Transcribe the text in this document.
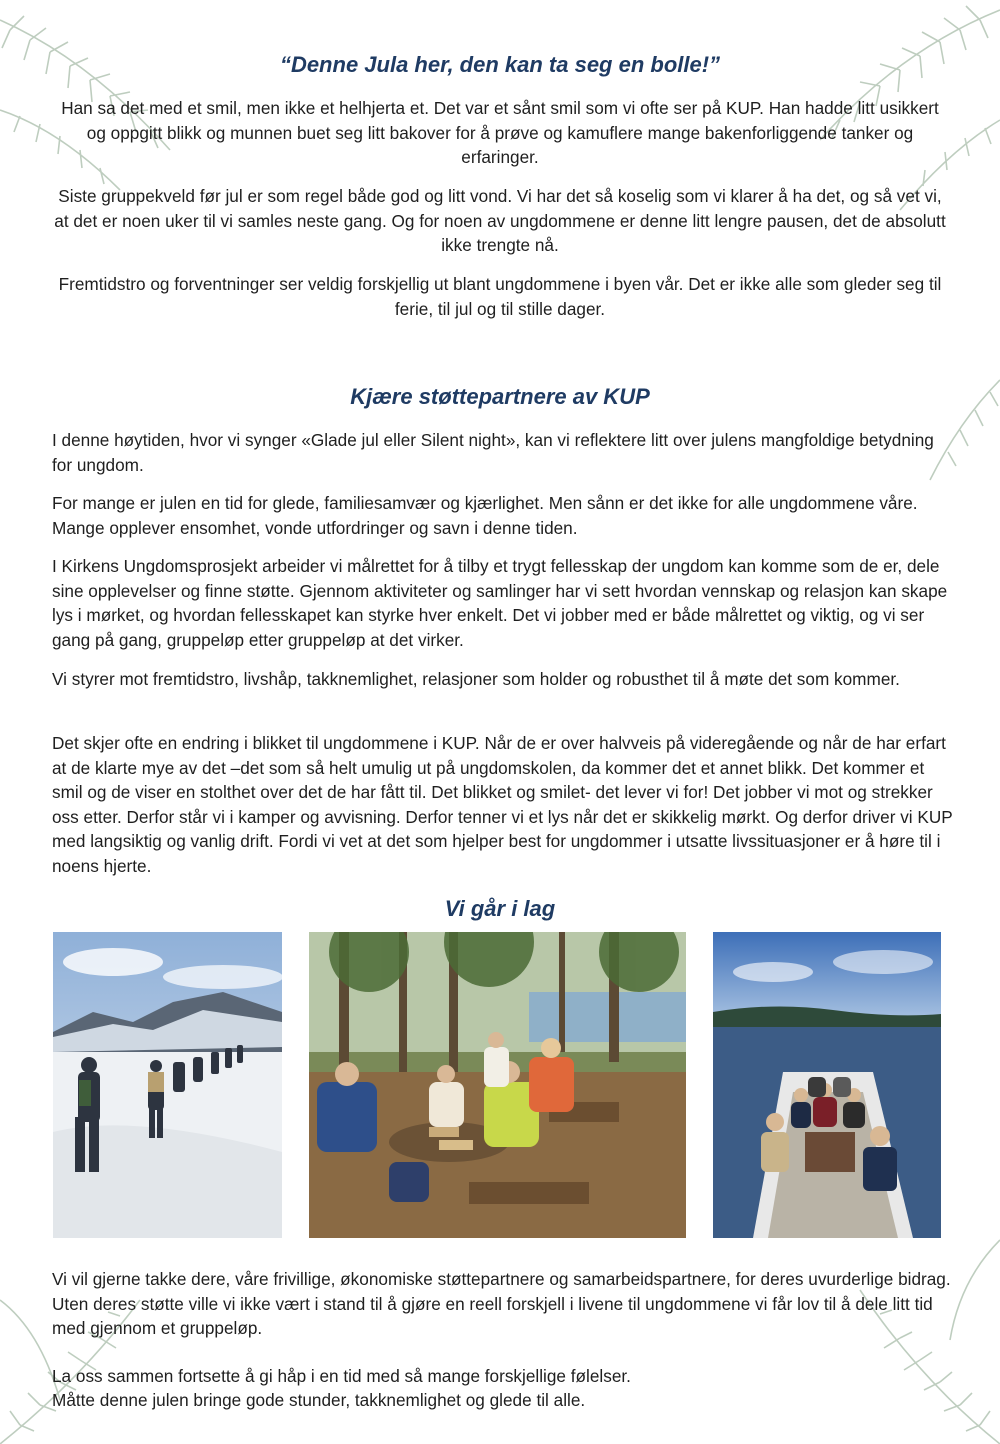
“Denne Jula her, den kan ta seg en bolle!”

Han sa det med et smil, men ikke et helhjerta et. Det var et sånt smil som vi ofte ser på KUP. Han hadde litt usikkert og oppgitt blikk og munnen buet seg litt bakover for å prøve og kamuflere mange bakenforliggende tanker og erfaringer.

Siste gruppekveld før jul er som regel både god og litt vond. Vi har det så koselig som vi klarer å ha det, og så vet vi, at det er noen uker til vi samles neste gang. Og for noen av ungdommene er denne litt lengre pausen, det de absolutt ikke trengte nå.

Fremtidstro og forventninger ser veldig forskjellig ut blant ungdommene i byen vår. Det er ikke alle som gleder seg til ferie, til jul og til stille dager.

Kjære støttepartnere av KUP

I denne høytiden, hvor vi synger «Glade jul eller Silent night», kan vi reflektere litt over julens mangfoldige betydning for ungdom.

For mange er julen en tid for glede, familiesamvær og kjærlighet. Men sånn er det ikke for alle ungdommene våre. Mange opplever ensomhet, vonde utfordringer og savn i denne tiden.

I Kirkens Ungdomsprosjekt arbeider vi målrettet for å tilby et trygt fellesskap der ungdom kan komme som de er, dele sine opplevelser og finne støtte. Gjennom aktiviteter og samlinger har vi sett hvordan vennskap og relasjon kan skape lys i mørket, og hvordan fellesskapet kan styrke hver enkelt. Det vi jobber med er både målrettet og viktig, og vi ser gang på gang, gruppeløp etter gruppeløp at det virker.

Vi styrer mot fremtidstro, livshåp, takknemlighet, relasjoner som holder og robusthet til å møte det som kommer.

Det skjer ofte en endring i blikket til ungdommene i KUP. Når de er over halvveis på videregående og når de har erfart at de klarte mye av det –det som så helt umulig ut på ungdomskolen, da kommer det et annet blikk. Det kommer et smil og de viser en stolthet over det de har fått til. Det blikket og smilet- det lever vi for! Det jobber vi mot og strekker oss etter. Derfor står vi i kamper og avvisning. Derfor tenner vi et lys når det er skikkelig mørkt. Og derfor driver vi KUP med langsiktig og vanlig drift. Fordi vi vet at det som hjelper best for ungdommer i utsatte livssituasjoner er å høre til i noens hjerte.

Vi går i lag

Vi vil gjerne takke dere, våre frivillige, økonomiske støttepartnere og samarbeidspartnere, for deres uvurderlige bidrag. Uten deres støtte ville vi ikke vært i stand til å gjøre en reell forskjell i livene til ungdommene vi får lov til å dele litt tid med gjennom et gruppeløp.

La oss sammen fortsette å gi håp i en tid med så mange forskjellige følelser.

Måtte denne julen bringe gode stunder, takknemlighet og glede til alle.
